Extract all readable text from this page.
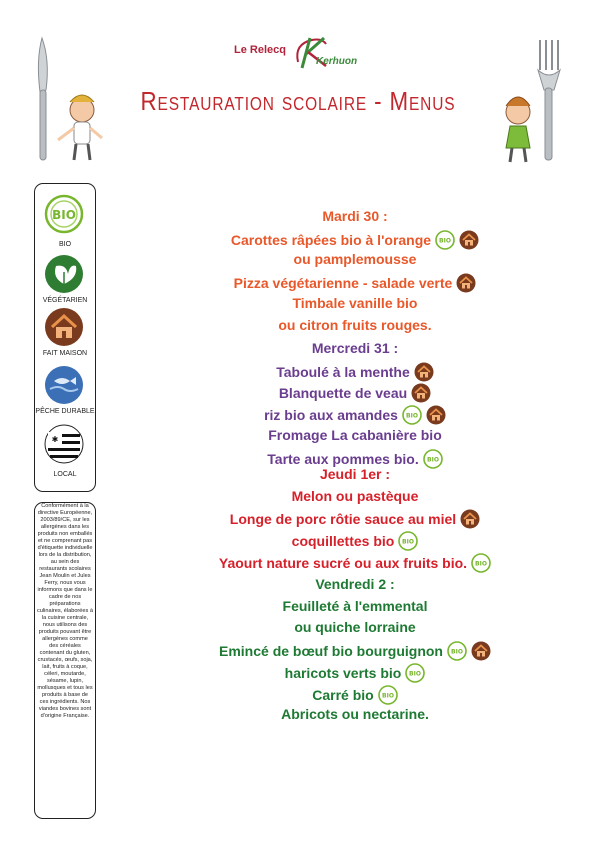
Le Relecq
Kerhuon
Restauration scolaire - Menus
BIO
BIO
VÉGÉTARIEN
FAIT MAISON
PÊCHE DURABLE
✱
LOCAL
Conformément à la directive Européenne, 2003/89/CE, sur les allergènes dans les produits non emballés et ne comprenant pas d'étiquette individuelle lors de la distribution, au sein des restaurants scolaires Jean Moulin et Jules Ferry, nous vous informons que dans le cadre de nos préparations culinaires, élaborées à la cuisine centrale, nous utilisons des produits pouvant être allergènes comme des céréales contenant du gluten, crustacés, œufs, soja, lait, fruits à coque, céleri, moutarde, sésame, lupin, mollusques et tous les produits à base de ces ingrédients. Nos viandes bovines sont d'origine Française.
Mardi 30 :
Carottes râpées bio à l'orange BIO
ou pamplemousse
Pizza végétarienne - salade verte
Timbale vanille bio
ou citron fruits rouges.
Mercredi 31 :
Taboulé à la menthe
Blanquette de veau
riz bio aux amandes BIO
Fromage La cabanière bio
Tarte aux pommes bio. BIO
Jeudi 1er :
Melon ou pastèque
Longe de porc rôtie sauce au miel
coquillettes bio BIO
Yaourt nature sucré ou aux fruits bio. BIO
Vendredi 2 :
Feuilleté à l'emmental
ou quiche lorraine
Emincé de bœuf bio bourguignon BIO
haricots verts bio BIO
Carré bio BIO
Abricots ou nectarine.
